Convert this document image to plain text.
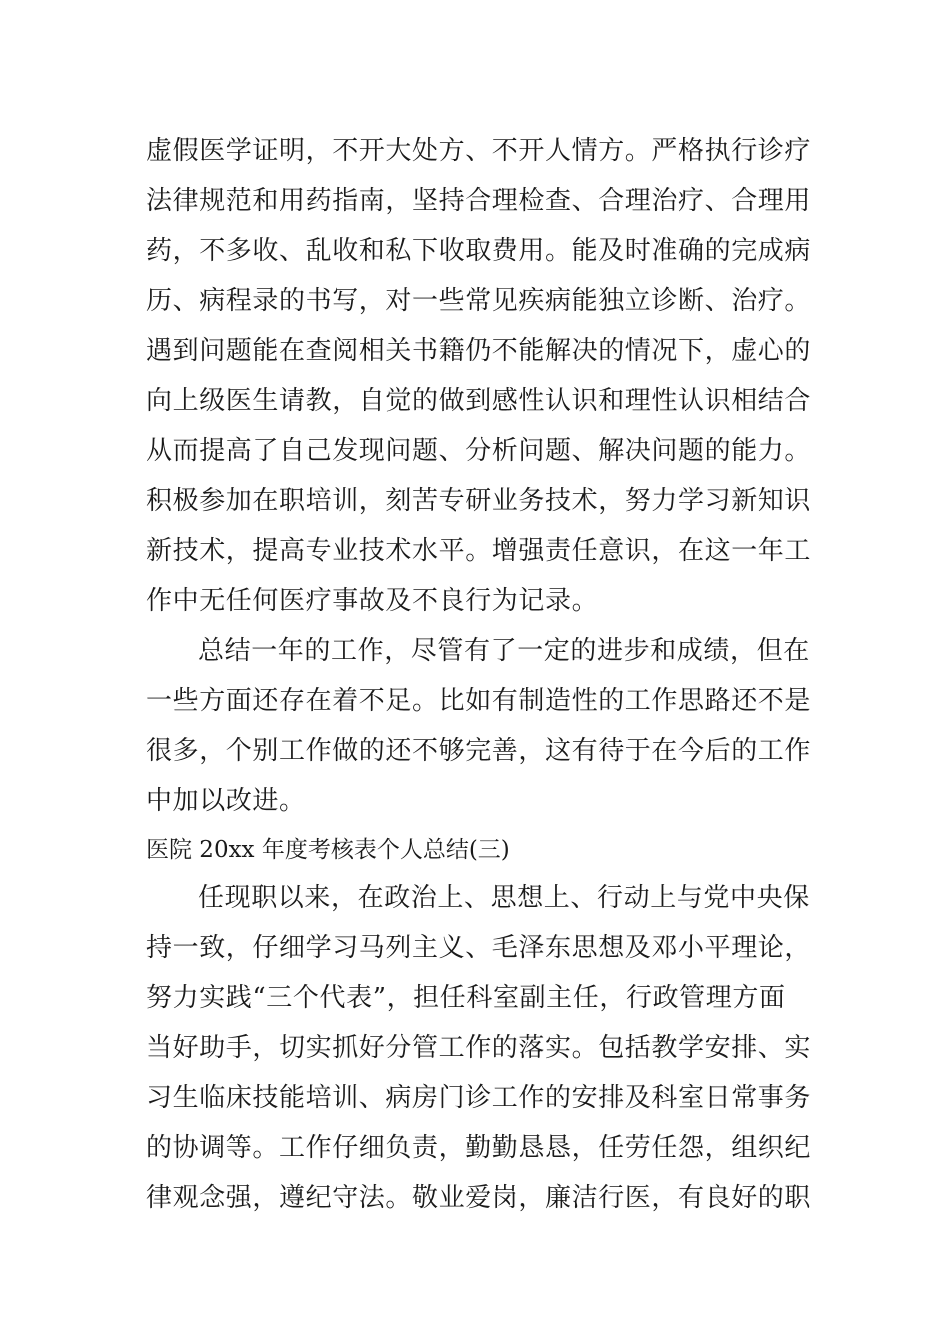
虚假医学证明，不开大处方、不开人情方。严格执行诊疗
法律规范和用药指南，坚持合理检查、合理治疗、合理用
药，不多收、乱收和私下收取费用。能及时准确的完成病
历、病程录的书写，对一些常见疾病能独立诊断、治疗。
遇到问题能在查阅相关书籍仍不能解决的情况下，虚心的
向上级医生请教，自觉的做到感性认识和理性认识相结合
从而提高了自己发现问题、分析问题、解决问题的能力。
积极参加在职培训，刻苦专研业务技术，努力学习新知识
新技术，提高专业技术水平。增强责任意识，在这一年工
作中无任何医疗事故及不良行为记录。
总结一年的工作，尽管有了一定的进步和成绩，但在
一些方面还存在着不足。比如有制造性的工作思路还不是
很多，个别工作做的还不够完善，这有待于在今后的工作
中加以改进。
医院 20xx 年度考核表个人总结(三)
任现职以来，在政治上、思想上、行动上与党中央保
持一致，仔细学习马列主义、毛泽东思想及邓小平理论，
努力实践“三个代表”，担任科室副主任，行政管理方面
当好助手，切实抓好分管工作的落实。包括教学安排、实
习生临床技能培训、病房门诊工作的安排及科室日常事务
的协调等。工作仔细负责，勤勤恳恳，任劳任怨，组织纪
律观念强，遵纪守法。敬业爱岗，廉洁行医，有良好的职
